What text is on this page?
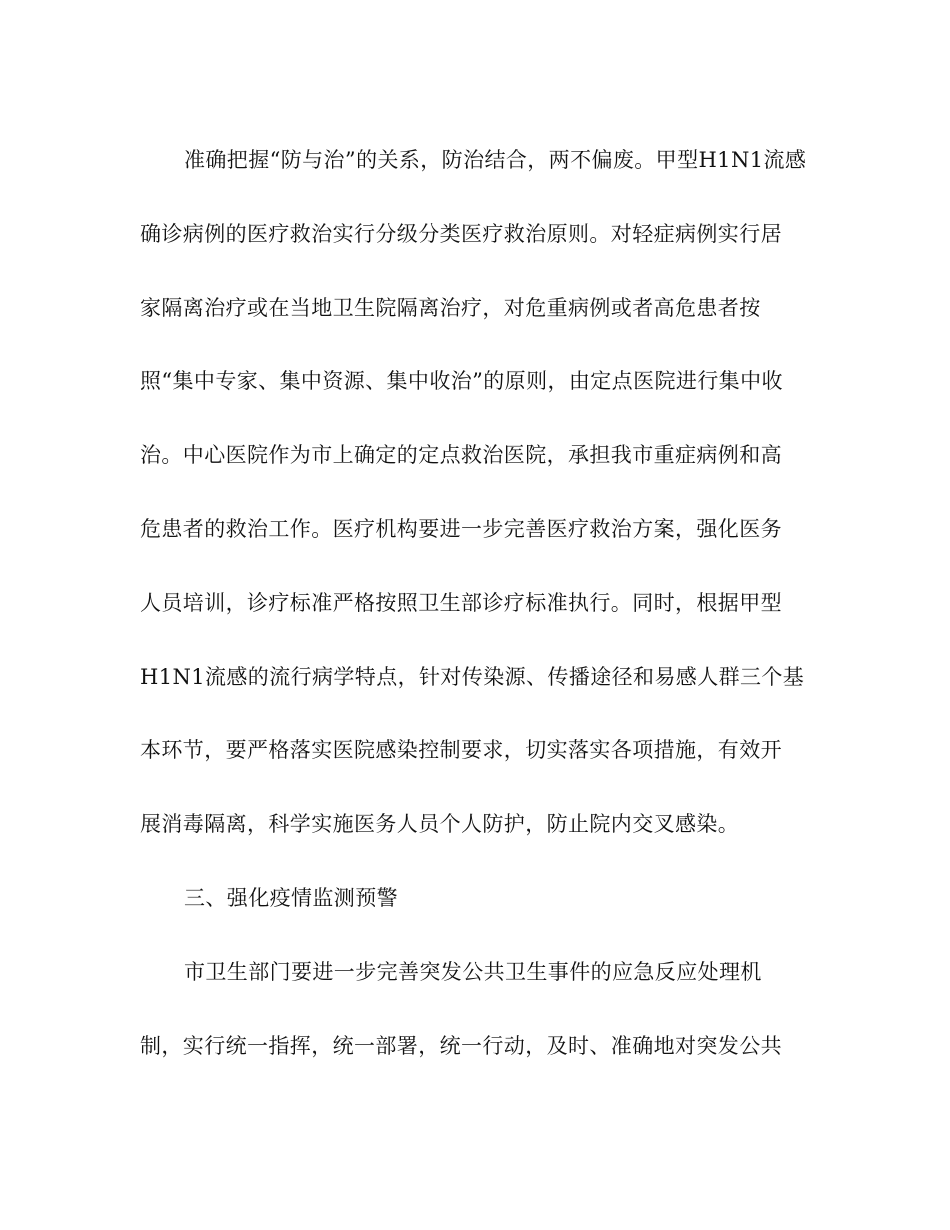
准确把握“防与治”的关系，防治结合，两不偏废。甲型H1N1流感
确诊病例的医疗救治实行分级分类医疗救治原则。对轻症病例实行居
家隔离治疗或在当地卫生院隔离治疗，对危重病例或者高危患者按
照“集中专家、集中资源、集中收治”的原则，由定点医院进行集中收
治。中心医院作为市上确定的定点救治医院，承担我市重症病例和高
危患者的救治工作。医疗机构要进一步完善医疗救治方案，强化医务
人员培训，诊疗标准严格按照卫生部诊疗标准执行。同时，根据甲型
H1N1流感的流行病学特点，针对传染源、传播途径和易感人群三个基
本环节，要严格落实医院感染控制要求，切实落实各项措施，有效开
展消毒隔离，科学实施医务人员个人防护，防止院内交叉感染。
三、强化疫情监测预警
市卫生部门要进一步完善突发公共卫生事件的应急反应处理机
制，实行统一指挥，统一部署，统一行动，及时、准确地对突发公共
